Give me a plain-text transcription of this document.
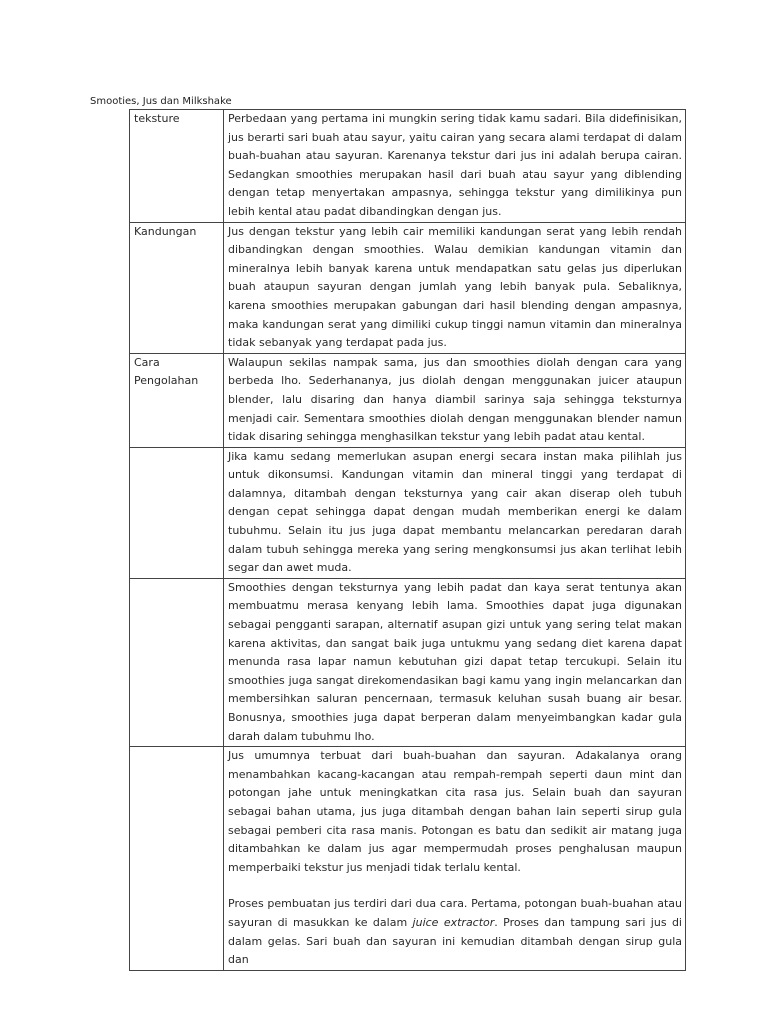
Smooties, Jus dan Milkshake
teksture	Perbedaan yang pertama ini mungkin sering tidak kamu sadari. Bila didefinisikan, jus berarti sari buah atau sayur, yaitu cairan yang secara alami terdapat di dalam buah-buahan atau sayuran. Karenanya tekstur dari jus ini adalah berupa cairan. Sedangkan smoothies merupakan hasil dari buah atau sayur yang diblending dengan tetap menyertakan ampasnya, sehingga tekstur yang dimilikinya pun lebih kental atau padat dibandingkan dengan jus.

Kandungan	Jus dengan tekstur yang lebih cair memiliki kandungan serat yang lebih rendah dibandingkan dengan smoothies. Walau demikian kandungan vitamin dan mineralnya lebih banyak karena untuk mendapatkan satu gelas jus diperlukan buah ataupun sayuran dengan jumlah yang lebih banyak pula. Sebaliknya, karena smoothies merupakan gabungan dari hasil blending dengan ampasnya, maka kandungan serat yang dimiliki cukup tinggi namun vitamin dan mineralnya tidak sebanyak yang terdapat pada jus.

Cara Pengolahan	Walaupun sekilas nampak sama, jus dan smoothies diolah dengan cara yang berbeda lho. Sederhananya, jus diolah dengan menggunakan juicer ataupun blender, lalu disaring dan hanya diambil sarinya saja sehingga teksturnya menjadi cair. Sementara smoothies diolah dengan menggunakan blender namun tidak disaring sehingga menghasilkan tekstur yang lebih padat atau kental.

	Jika kamu sedang memerlukan asupan energi secara instan maka pilihlah jus untuk dikonsumsi. Kandungan vitamin dan mineral tinggi yang terdapat di dalamnya, ditambah dengan teksturnya yang cair akan diserap oleh tubuh dengan cepat sehingga dapat dengan mudah memberikan energi ke dalam tubuhmu. Selain itu jus juga dapat membantu melancarkan peredaran darah dalam tubuh sehingga mereka yang sering mengkonsumsi jus akan terlihat lebih segar dan awet muda.

	Smoothies dengan teksturnya yang lebih padat dan kaya serat tentunya akan membuatmu merasa kenyang lebih lama. Smoothies dapat juga digunakan sebagai pengganti sarapan, alternatif asupan gizi untuk yang sering telat makan karena aktivitas, dan sangat baik juga untukmu yang sedang diet karena dapat menunda rasa lapar namun kebutuhan gizi dapat tetap tercukupi. Selain itu smoothies juga sangat direkomendasikan bagi kamu yang ingin melancarkan dan membersihkan saluran pencernaan, termasuk keluhan susah buang air besar. Bonusnya, smoothies juga dapat berperan dalam menyeimbangkan kadar gula darah dalam tubuhmu lho.

	Jus umumnya terbuat dari buah-buahan dan sayuran. Adakalanya orang menambahkan kacang-kacangan atau rempah-rempah seperti daun mint dan potongan jahe untuk meningkatkan cita rasa jus. Selain buah dan sayuran sebagai bahan utama, jus juga ditambah dengan bahan lain seperti sirup gula sebagai pemberi cita rasa manis. Potongan es batu dan sedikit air matang juga ditambahkan ke dalam jus agar mempermudah proses penghalusan maupun memperbaiki tekstur jus menjadi tidak terlalu kental.

Proses pembuatan jus terdiri dari dua cara. Pertama, potongan buah-buahan atau sayuran di masukkan ke dalam juice extractor. Proses dan tampung sari jus di dalam gelas. Sari buah dan sayuran ini kemudian ditambah dengan sirup gula dan
